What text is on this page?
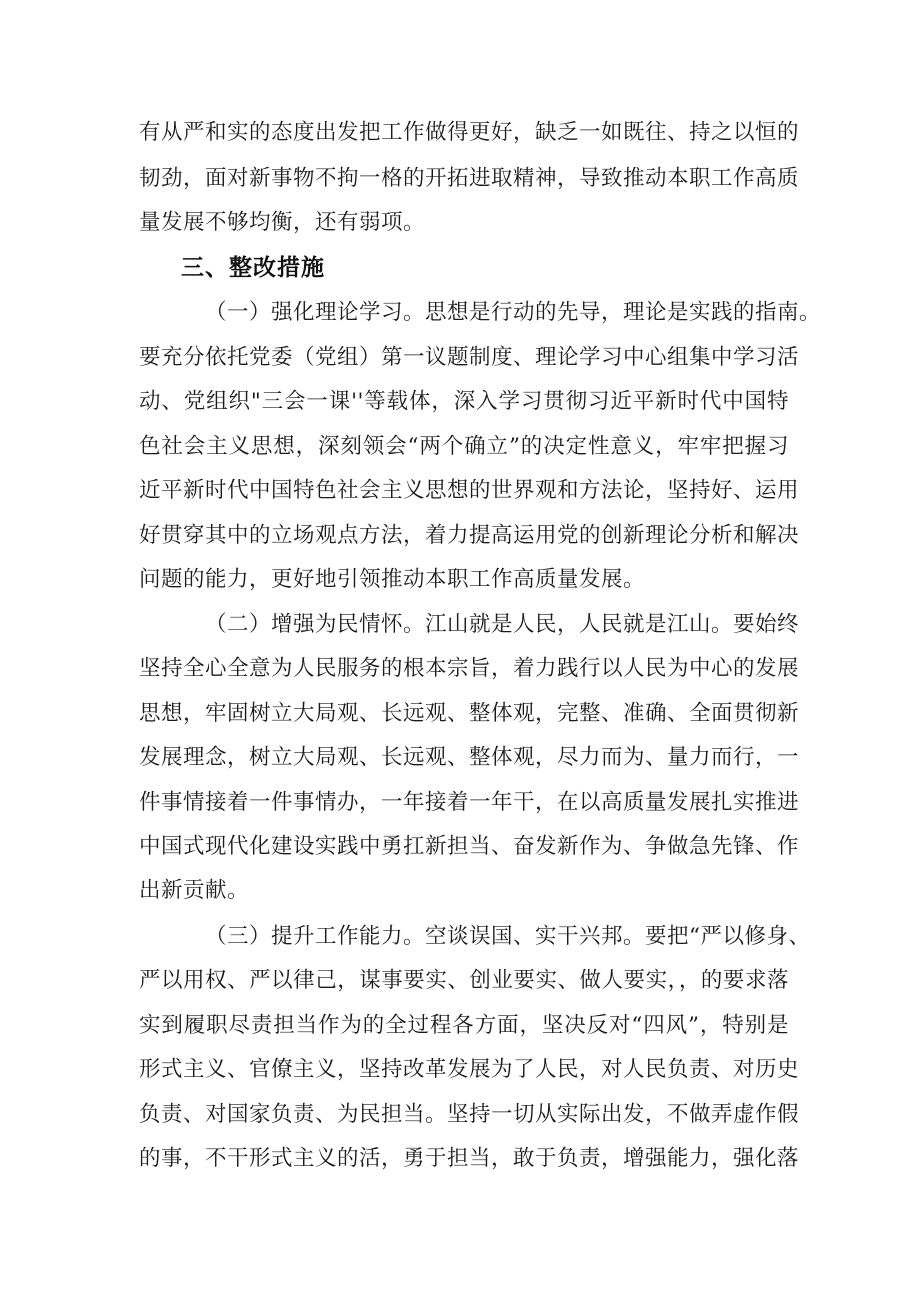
有从严和实的态度出发把工作做得更好，缺乏一如既往、持之以恒的
韧劲，面对新事物不拘一格的开拓进取精神，导致推动本职工作高质
量发展不够均衡，还有弱项。
三、整改措施
（一）强化理论学习。思想是行动的先导，理论是实践的指南。
要充分依托党委（党组）第一议题制度、理论学习中心组集中学习活
动、党组织"三会一课''等载体，深入学习贯彻习近平新时代中国特
色社会主义思想，深刻领会“两个确立”的决定性意义，牢牢把握习
近平新时代中国特色社会主义思想的世界观和方法论，坚持好、运用
好贯穿其中的立场观点方法，着力提高运用党的创新理论分析和解决
问题的能力，更好地引领推动本职工作高质量发展。
（二）增强为民情怀。江山就是人民，人民就是江山。要始终
坚持全心全意为人民服务的根本宗旨，着力践行以人民为中心的发展
思想，牢固树立大局观、长远观、整体观，完整、准确、全面贯彻新
发展理念，树立大局观、长远观、整体观，尽力而为、量力而行，一
件事情接着一件事情办，一年接着一年干，在以高质量发展扎实推进
中国式现代化建设实践中勇扛新担当、奋发新作为、争做急先锋、作
出新贡献。
（三）提升工作能力。空谈误国、实干兴邦。要把“严以修身、
严以用权、严以律己，谋事要实、创业要实、做人要实，，的要求落
实到履职尽责担当作为的全过程各方面，坚决反对“四风”，特别是
形式主义、官僚主义，坚持改革发展为了人民，对人民负责、对历史
负责、对国家负责、为民担当。坚持一切从实际出发，不做弄虚作假
的事，不干形式主义的活，勇于担当，敢于负责，增强能力，强化落
